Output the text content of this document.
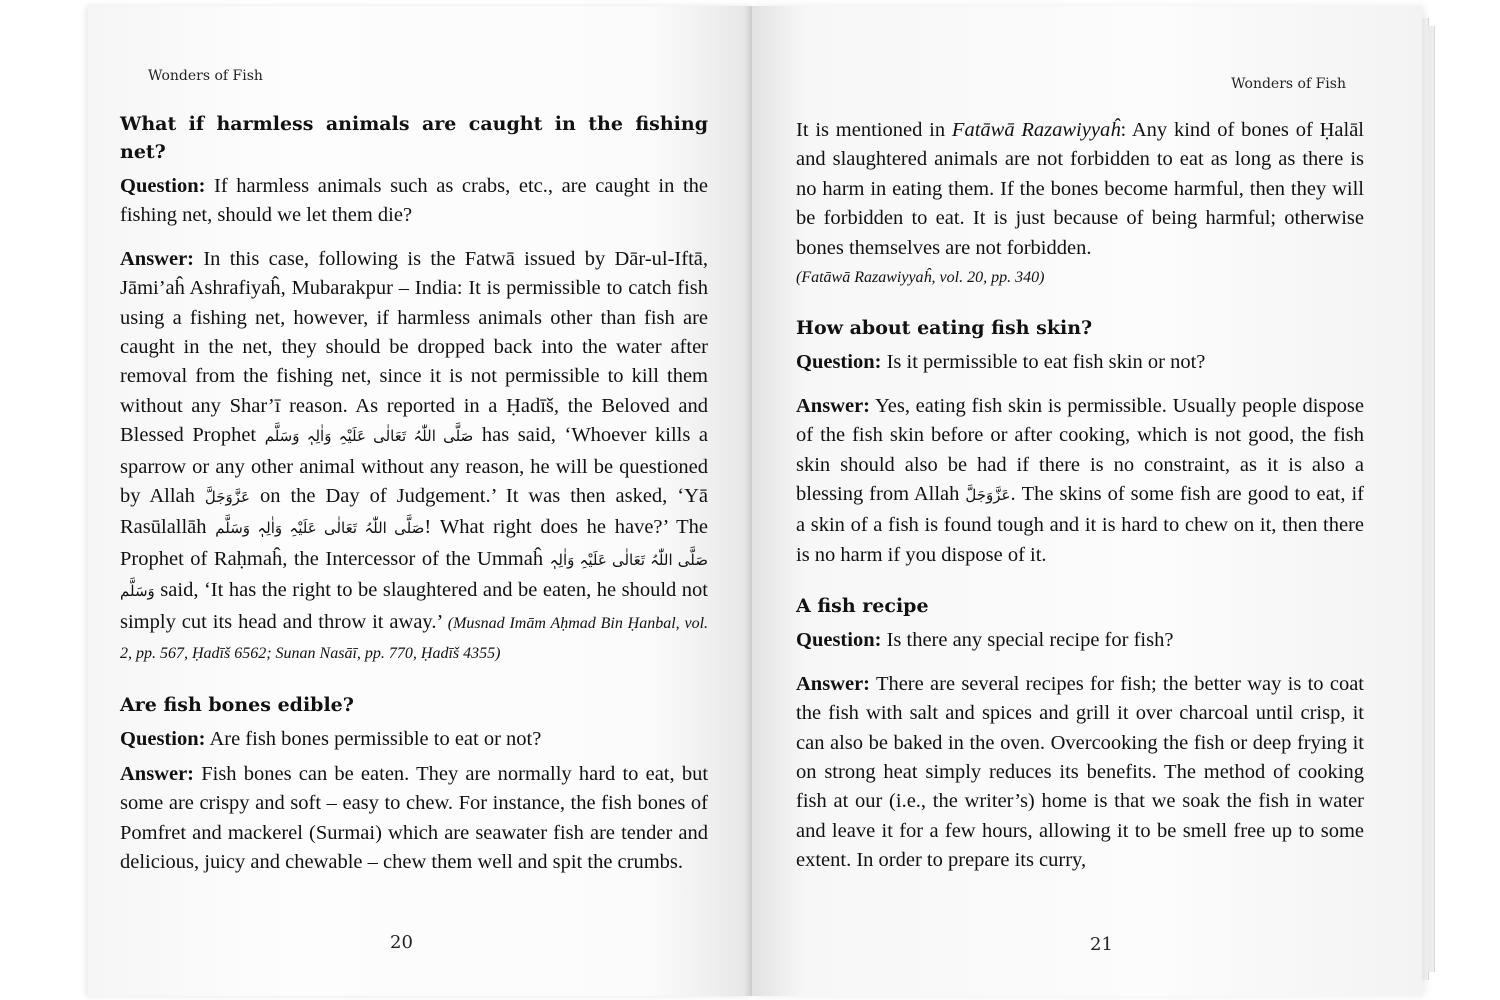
Wonders of Fish
What if harmless animals are caught in the fishing net?

Question: If harmless animals such as crabs, etc., are caught in the fishing net, should we let them die?

Answer: In this case, following is the Fatwā issued by Dār-ul-Iftā, Jāmi’aĥ Ashrafiyaĥ, Mubarakpur – India: It is permissible to catch fish using a fishing net, however, if harmless animals other than fish are caught in the net, they should be dropped back into the water after removal from the fishing net, since it is not permissible to kill them without any Shar’ī reason. As reported in a Ḥadīš, the Beloved and Blessed Prophet صَلَّی اللّٰہُ تَعَالٰی عَلَیْہِ وَاٰلِہٖ وَسَلَّم has said, ‘Whoever kills a sparrow or any other animal without any reason, he will be questioned by Allah عَزَّوَجَلَّ on the Day of Judgement.’ It was then asked, ‘Yā Rasūlallāh صَلَّی اللّٰہُ تَعَالٰی عَلَیْہِ وَاٰلِہٖ وَسَلَّم! What right does he have?’ The Prophet of Raḥmaĥ, the Intercessor of the Ummaĥ صَلَّی اللّٰہُ تَعَالٰی عَلَیْہِ وَاٰلِہٖ وَسَلَّم said, ‘It has the right to be slaughtered and be eaten, he should not simply cut its head and throw it away.’ (Musnad Imām Aḥmad Bin Ḥanbal, vol. 2, pp. 567, Ḥadīš 6562; Sunan Nasāī, pp. 770, Ḥadīš 4355)

Are fish bones edible?

Question: Are fish bones permissible to eat or not?

Answer: Fish bones can be eaten. They are normally hard to eat, but some are crispy and soft – easy to chew. For instance, the fish bones of Pomfret and mackerel (Surmai) which are seawater fish are tender and delicious, juicy and chewable – chew them well and spit the crumbs.

20
Wonders of Fish

It is mentioned in Fatāwā Razawiyyaĥ: Any kind of bones of Ḥalāl and slaughtered animals are not forbidden to eat as long as there is no harm in eating them. If the bones become harmful, then they will be forbidden to eat. It is just because of being harmful; otherwise bones themselves are not forbidden.

(Fatāwā Razawiyyaĥ, vol. 20, pp. 340)

How about eating fish skin?

Question: Is it permissible to eat fish skin or not?

Answer: Yes, eating fish skin is permissible. Usually people dispose of the fish skin before or after cooking, which is not good, the fish skin should also be had if there is no constraint, as it is also a blessing from Allah عَزَّوَجَلَّ. The skins of some fish are good to eat, if a skin of a fish is found tough and it is hard to chew on it, then there is no harm if you dispose of it.

A fish recipe

Question: Is there any special recipe for fish?

Answer: There are several recipes for fish; the better way is to coat the fish with salt and spices and grill it over charcoal until crisp, it can also be baked in the oven. Overcooking the fish or deep frying it on strong heat simply reduces its benefits. The method of cooking fish at our (i.e., the writer’s) home is that we soak the fish in water and leave it for a few hours, allowing it to be smell free up to some extent. In order to prepare its curry,

21
